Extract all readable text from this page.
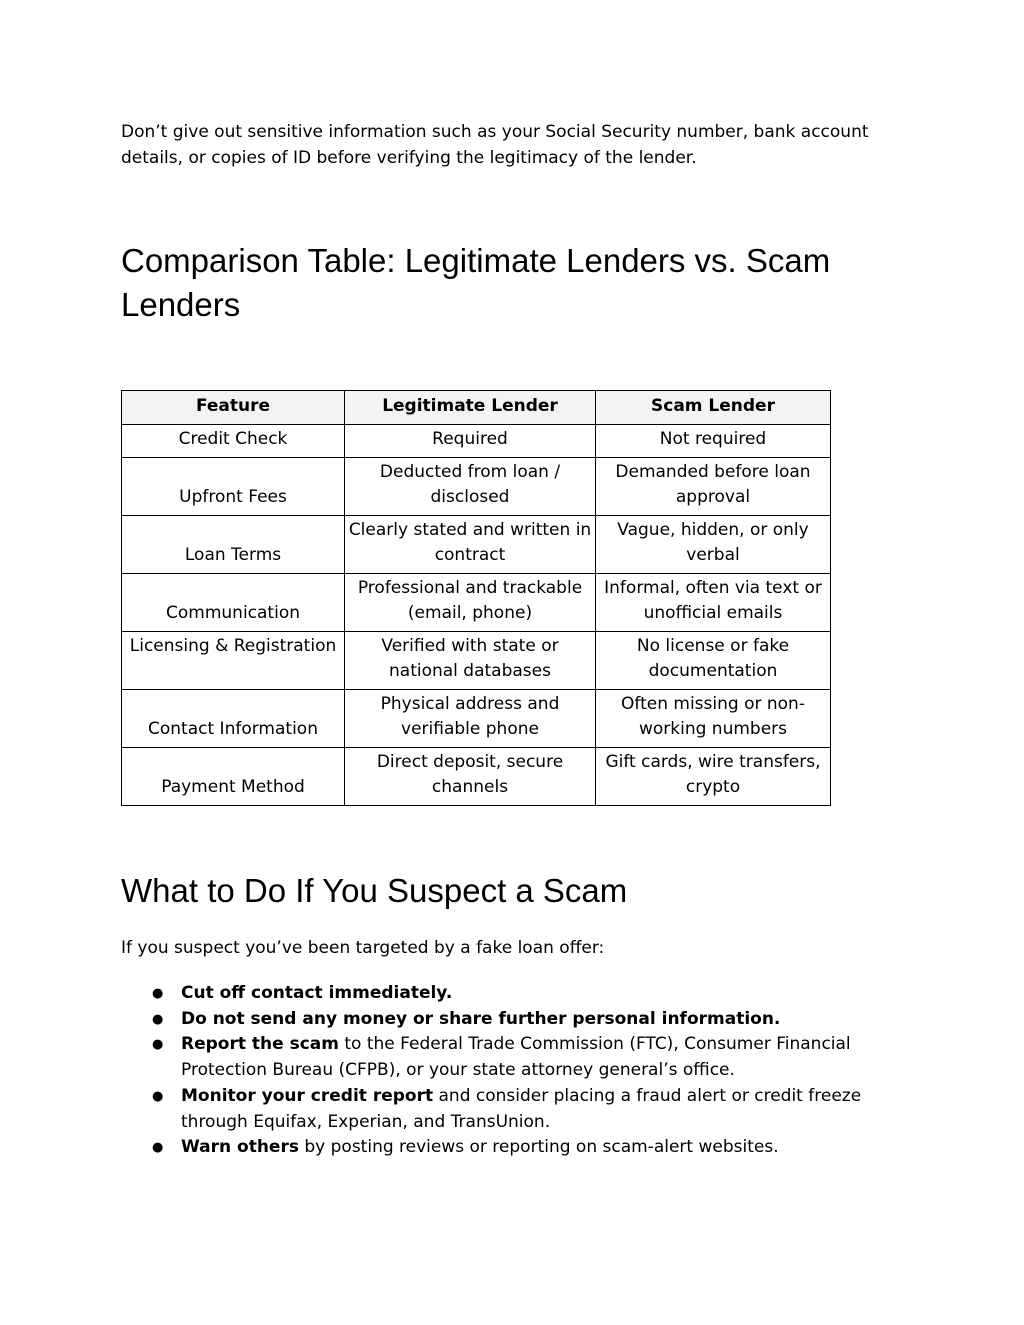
Don’t give out sensitive information such as your Social Security number, bank account details, or copies of ID before verifying the legitimacy of the lender.

Comparison Table: Legitimate Lenders vs. Scam Lenders
Feature	Legitimate Lender	Scam Lender
Credit Check	Required	Not required
Upfront Fees	Deducted from loan / disclosed	Demanded before loan approval
Loan Terms	Clearly stated and written in contract	Vague, hidden, or only verbal
Communication	Professional and trackable (email, phone)	Informal, often via text or unofficial emails
Licensing & Registration	Verified with state or national databases	No license or fake documentation
Contact Information	Physical address and verifiable phone	Often missing or non-working numbers
Payment Method	Direct deposit, secure channels	Gift cards, wire transfers, crypto
What to Do If You Suspect a Scam

If you suspect you’ve been targeted by a fake loan offer:

● Cut off contact immediately.
● Do not send any money or share further personal information.
● Report the scam to the Federal Trade Commission (FTC), Consumer Financial Protection Bureau (CFPB), or your state attorney general’s office.
● Monitor your credit report and consider placing a fraud alert or credit freeze through Equifax, Experian, and TransUnion.
● Warn others by posting reviews or reporting on scam-alert websites.
